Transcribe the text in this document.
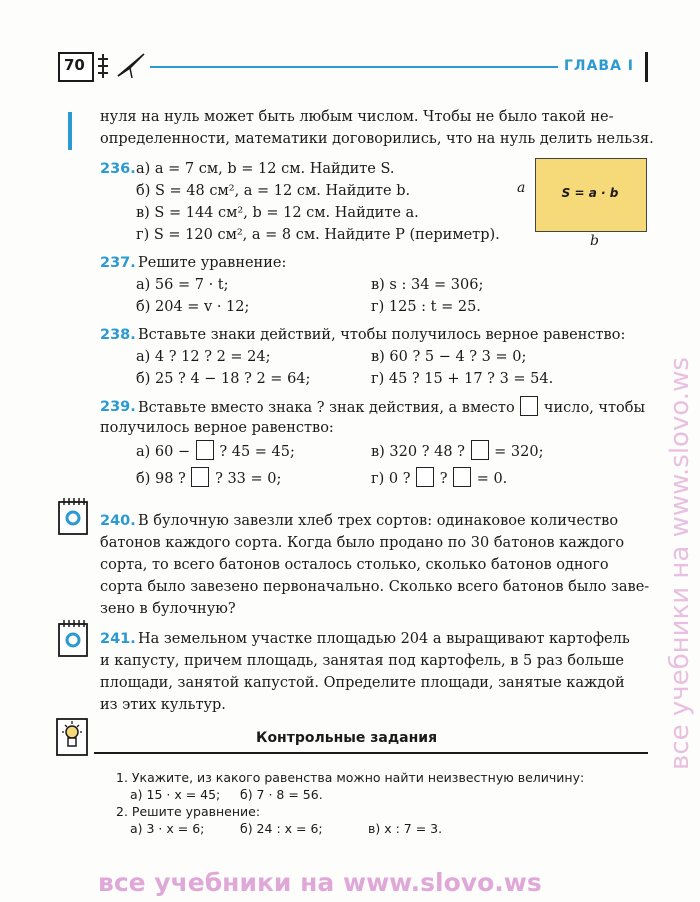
70	ГЛАВА I
нуля на нуль может быть любым числом. Чтобы не было такой не-
определенности, математики договорились, что на нуль делить нельзя.
236. а) a = 7 см, b = 12 см. Найдите S.
б) S = 48 см², a = 12 см. Найдите b.
в) S = 144 см², b = 12 см. Найдите a.
г) S = 120 см², a = 8 см. Найдите P (периметр).
S = a · b
a
b
237. Решите уравнение:
а) 56 = 7 · t;	в) s : 34 = 306;
б) 204 = v · 12;	г) 125 : t = 25.
238. Вставьте знаки действий, чтобы получилось верное равенство:
а) 4 ? 12 ? 2 = 24;	в) 60 ? 5 − 4 ? 3 = 0;
б) 25 ? 4 − 18 ? 2 = 64;	г) 45 ? 15 + 17 ? 3 = 54.
239. Вставьте вместо знака ? знак действия, а вместо число, чтобы
получилось верное равенство:
а) 60 − ? 45 = 45;	в) 320 ? 48 ? = 320;
б) 98 ? ? 33 = 0;	г) 0 ? ? = 0.
240. В булочную завезли хлеб трех сортов: одинаковое количество
батонов каждого сорта. Когда было продано по 30 батонов каждого
сорта, то всего батонов осталось столько, сколько батонов одного
сорта было завезено первоначально. Сколько всего батонов было заве-
зено в булочную?
241. На земельном участке площадью 204 а выращивают картофель
и капусту, причем площадь, занятая под картофель, в 5 раз больше
площади, занятой капустой. Определите площади, занятые каждой
из этих культур.
Контрольные задания
1. Укажите, из какого равенства можно найти неизвестную величину:
а) 15 · x = 45; б) 7 · 8 = 56.
2. Решите уравнение:
а) 3 · x = 6;	б) 24 : x = 6;	в) x : 7 = 3.
все учебники на www.slovo.ws
все учебники на www.slovo.ws
